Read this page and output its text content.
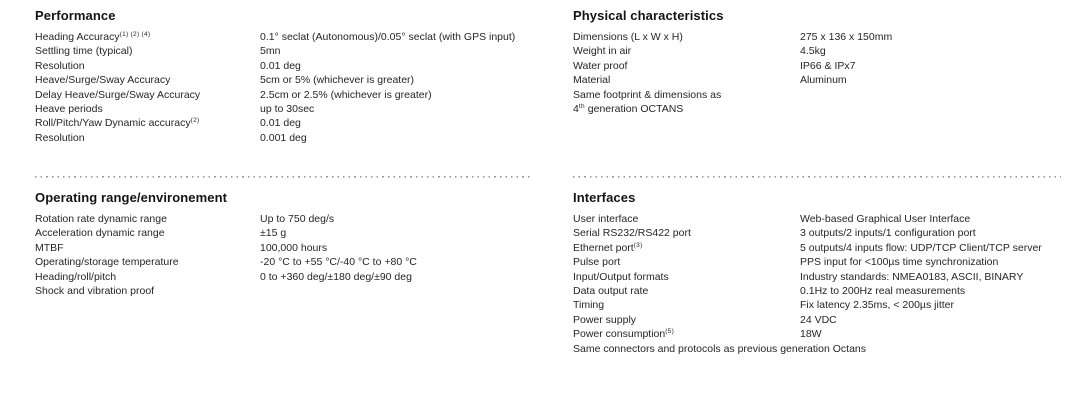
Performance
Heading Accuracy$^{(1) (2) (4)}$	0.1° seclat (Autonomous)/0.05° seclat (with GPS input)
Settling time (typical)	5mn
Resolution	0.01 deg
Heave/Surge/Sway Accuracy	5cm or 5% (whichever is greater)
Delay Heave/Surge/Sway Accuracy	2.5cm or 2.5% (whichever is greater)
Heave periods	up to 30sec
Roll/Pitch/Yaw Dynamic accuracy$^{(2)}$	0.01 deg
Resolution	0.001 deg
Operating range/environement
Rotation rate dynamic range	Up to 750 deg/s
Acceleration dynamic range	±15 g
MTBF	100,000 hours
Operating/storage temperature	-20 °C to +55 °C/-40 °C to +80 °C
Heading/roll/pitch	0 to +360 deg/±180 deg/±90 deg
Shock and vibration proof
Physical characteristics
Dimensions (L x W x H)	275 x 136 x 150mm
Weight in air	4.5kg
Water proof	IP66 & IPx7
Material	Aluminum
Same footprint & dimensions as
4th generation OCTANS
Interfaces
User interface	Web-based Graphical User Interface
Serial RS232/RS422 port	3 outputs/2 inputs/1 configuration port
Ethernet port$^{(3)}$	5 outputs/4 inputs flow: UDP/TCP Client/TCP server
Pulse port	PPS input for <100µs time synchronization
Input/Output formats	Industry standards: NMEA0183, ASCII, BINARY
Data output rate	0.1Hz to 200Hz real measurements
Timing	Fix latency 2.35ms, < 200µs jitter
Power supply	24 VDC
Power consumption$^{(5)}$	18W
Same connectors and protocols as previous generation Octans
